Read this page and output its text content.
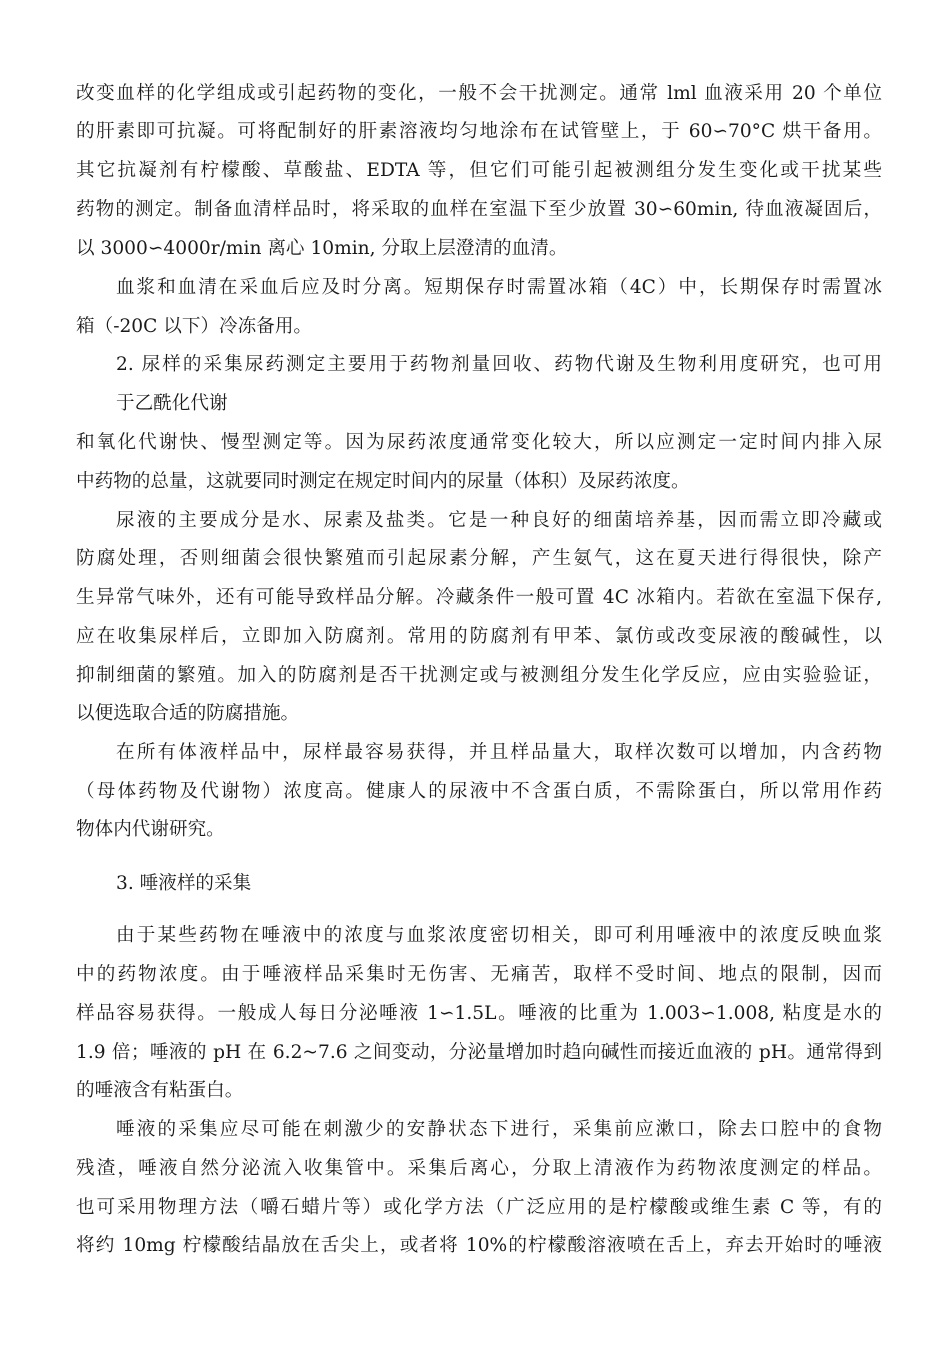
改变血样的化学组成或引起药物的变化，一般不会干扰测定。通常 lml 血液采用 20 个单位

的肝素即可抗凝。可将配制好的肝素溶液均匀地涂布在试管壁上，于 60∽70°C 烘干备用。

其它抗凝剂有柠檬酸、草酸盐、EDTA 等，但它们可能引起被测组分发生变化或干扰某些

药物的测定。制备血清样品时，将采取的血样在室温下至少放置 30∽60min, 待血液凝固后，

以 3000∽4000r/min 离心 10min, 分取上层澄清的血清。

血浆和血清在采血后应及时分离。短期保存时需置冰箱（4C）中，长期保存时需置冰

箱（-20C 以下）冷冻备用。

2. 尿样的采集尿药测定主要用于药物剂量回收、药物代谢及生物利用度研究，也可用

于乙酰化代谢

和氧化代谢快、慢型测定等。因为尿药浓度通常变化较大，所以应测定一定时间内排入尿

中药物的总量，这就要同时测定在规定时间内的尿量（体积）及尿药浓度。

尿液的主要成分是水、尿素及盐类。它是一种良好的细菌培养基，因而需立即冷藏或

防腐处理，否则细菌会很快繁殖而引起尿素分解，产生氨气，这在夏天进行得很快，除产

生异常气味外，还有可能导致样品分解。冷藏条件一般可置 4C 冰箱内。若欲在室温下保存,

应在收集尿样后，立即加入防腐剂。常用的防腐剂有甲苯、氯仿或改变尿液的酸碱性，以

抑制细菌的繁殖。加入的防腐剂是否干扰测定或与被测组分发生化学反应，应由实验验证，

以便选取合适的防腐措施。

在所有体液样品中，尿样最容易获得，并且样品量大，取样次数可以增加，内含药物

（母体药物及代谢物）浓度高。健康人的尿液中不含蛋白质，不需除蛋白，所以常用作药

物体内代谢研究。

3. 唾液样的采集

由于某些药物在唾液中的浓度与血浆浓度密切相关，即可利用唾液中的浓度反映血浆

中的药物浓度。由于唾液样品采集时无伤害、无痛苦，取样不受时间、地点的限制，因而

样品容易获得。一般成人每日分泌唾液 1∽1.5L。唾液的比重为 1.003∽1.008, 粘度是水的

1.9 倍；唾液的 pH 在 6.2~7.6 之间变动，分泌量增加时趋向碱性而接近血液的 pH。通常得到

的唾液含有粘蛋白。

唾液的采集应尽可能在刺激少的安静状态下进行，采集前应漱口，除去口腔中的食物

残渣，唾液自然分泌流入收集管中。采集后离心，分取上清液作为药物浓度测定的样品。

也可采用物理方法（嚼石蜡片等）或化学方法（广泛应用的是柠檬酸或维生素 C 等，有的

将约 10mg 柠檬酸结晶放在舌尖上，或者将 10%的柠檬酸溶液喷在舌上，弃去开始时的唾液
